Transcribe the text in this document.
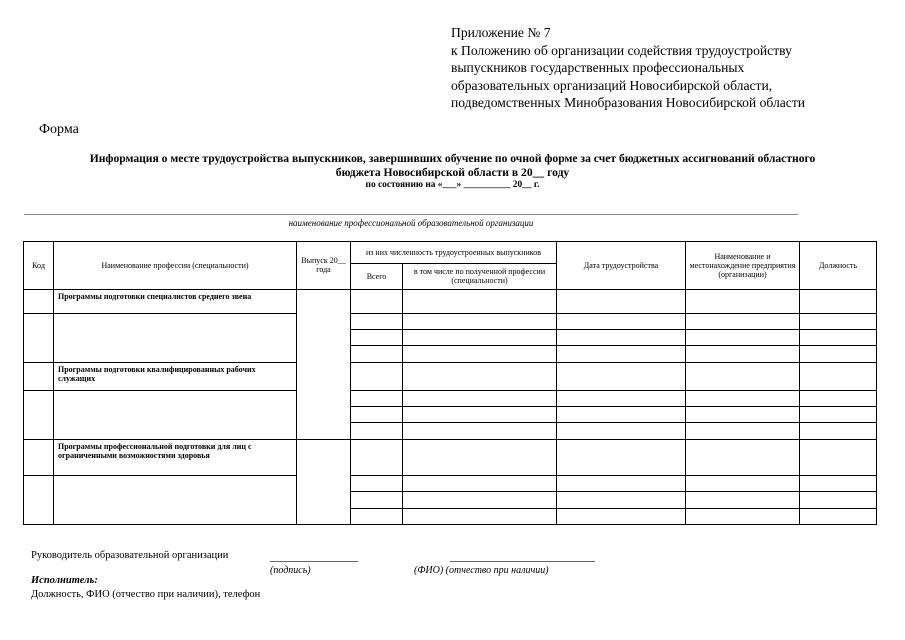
Приложение № 7
к Положению об организации содействия трудоустройству
выпускников государственных профессиональных
образовательных организаций Новосибирской области,
подведомственных Минобразования Новосибирской области
Форма
Информация о месте трудоустройства выпускников, завершивших обучение по очной форме за счет бюджетных ассигнований областного
бюджета Новосибирской области в 20__ году
по состоянию на «___» __________ 20__ г.
наименование профессиональной образовательной организации
Код	Наименование профессии (специальности)	Выпуск 20__ года	из них численность трудоустроенных выпускников		Дата трудоустройства	Наименование и местонахождение предприятия (организации)	Должность
			Всего	в том числе по полученной профессии (специальности)			
	Программы подготовки специалистов среднего звена						

	Программы подготовки квалифицированных рабочих служащих						

	Программы профессиональной подготовки для лиц с ограниченными возможностями здоровья						

Руководитель образовательной организации
(подпись)	(ФИО) (отчество при наличии)
Исполнитель:
Должность, ФИО (отчество при наличии), телефон
